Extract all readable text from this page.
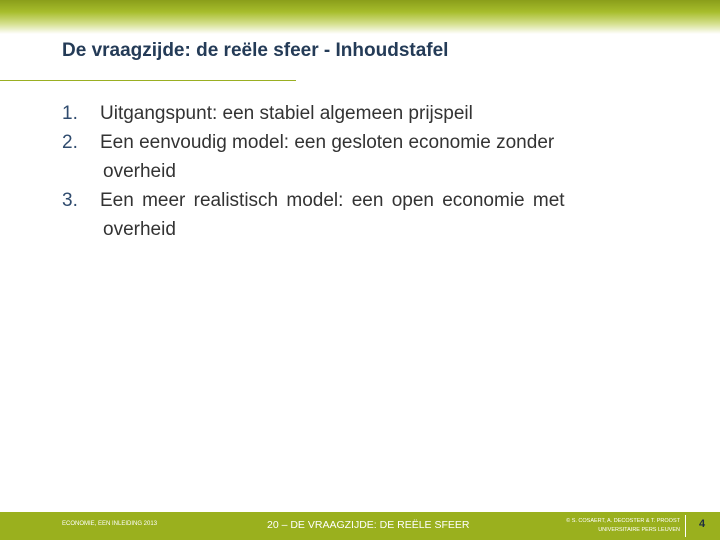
De vraagzijde: de reële sfeer - Inhoudstafel
1. Uitgangspunt: een stabiel algemeen prijspeil
2. Een eenvoudig model: een gesloten economie zonder
overheid
3. Een meer realistisch model: een open economie met
overheid
ECONOMIE, EEN INLEIDING 2013	20 – DE VRAAGZIJDE: DE REËLE SFEER	© S. COSAERT, A. DECOSTER & T. PROOST
UNIVERSITAIRE PERS LEUVEN	4
